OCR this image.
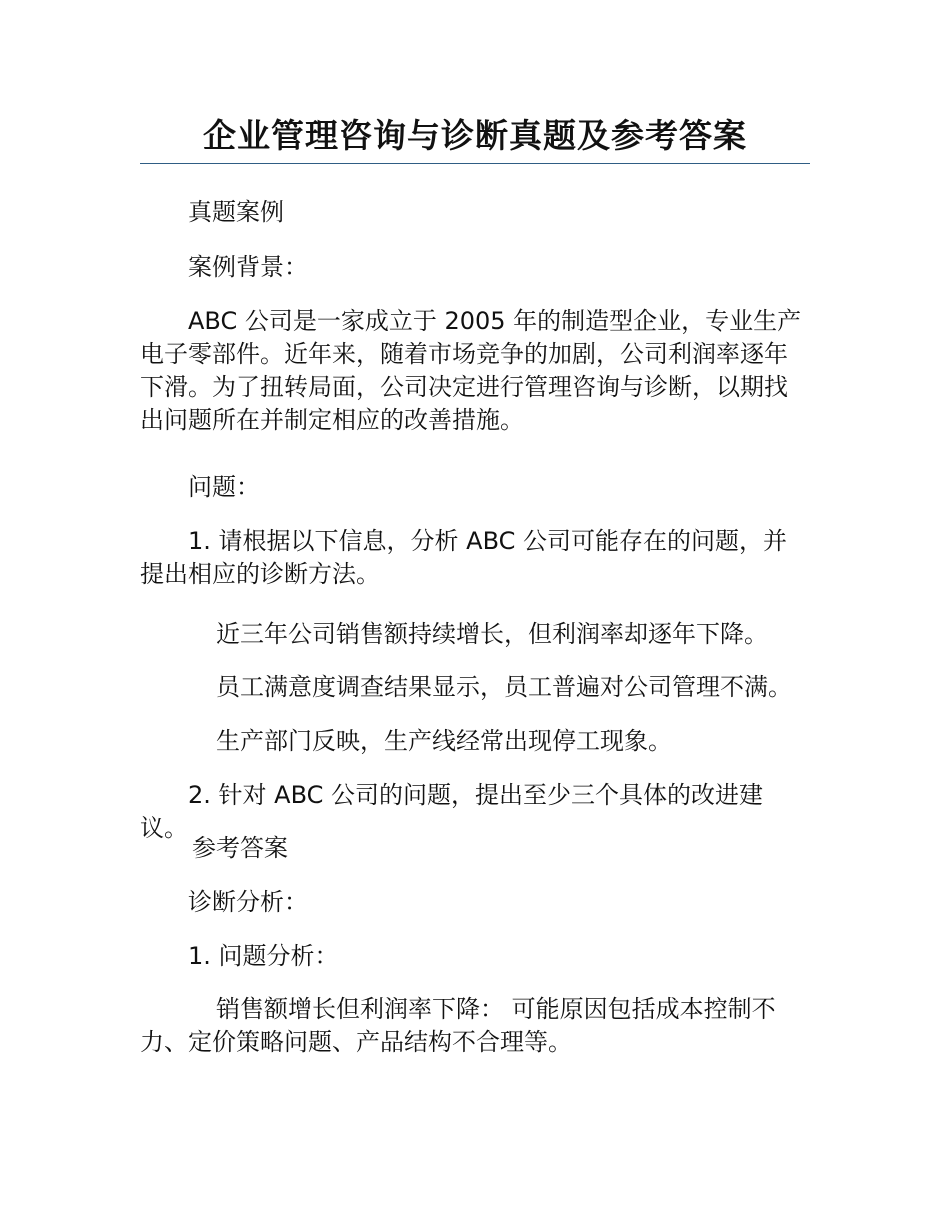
企业管理咨询与诊断真题及参考答案

真题案例

案例背景：

ABC 公司是一家成立于 2005 年的制造型企业，专业生产电子零部件。近年来，随着市场竞争的加剧，公司利润率逐年下滑。为了扭转局面，公司决定进行管理咨询与诊断，以期找出问题所在并制定相应的改善措施。

问题：

1. 请根据以下信息，分析 ABC 公司可能存在的问题，并提出相应的诊断方法。

近三年公司销售额持续增长，但利润率却逐年下降。

员工满意度调查结果显示，员工普遍对公司管理不满。

生产部门反映，生产线经常出现停工现象。

2. 针对 ABC 公司的问题，提出至少三个具体的改进建议。

参考答案

诊断分析：

1. 问题分析：

销售额增长但利润率下降： 可能原因包括成本控制不力、定价策略问题、产品结构不合理等。
